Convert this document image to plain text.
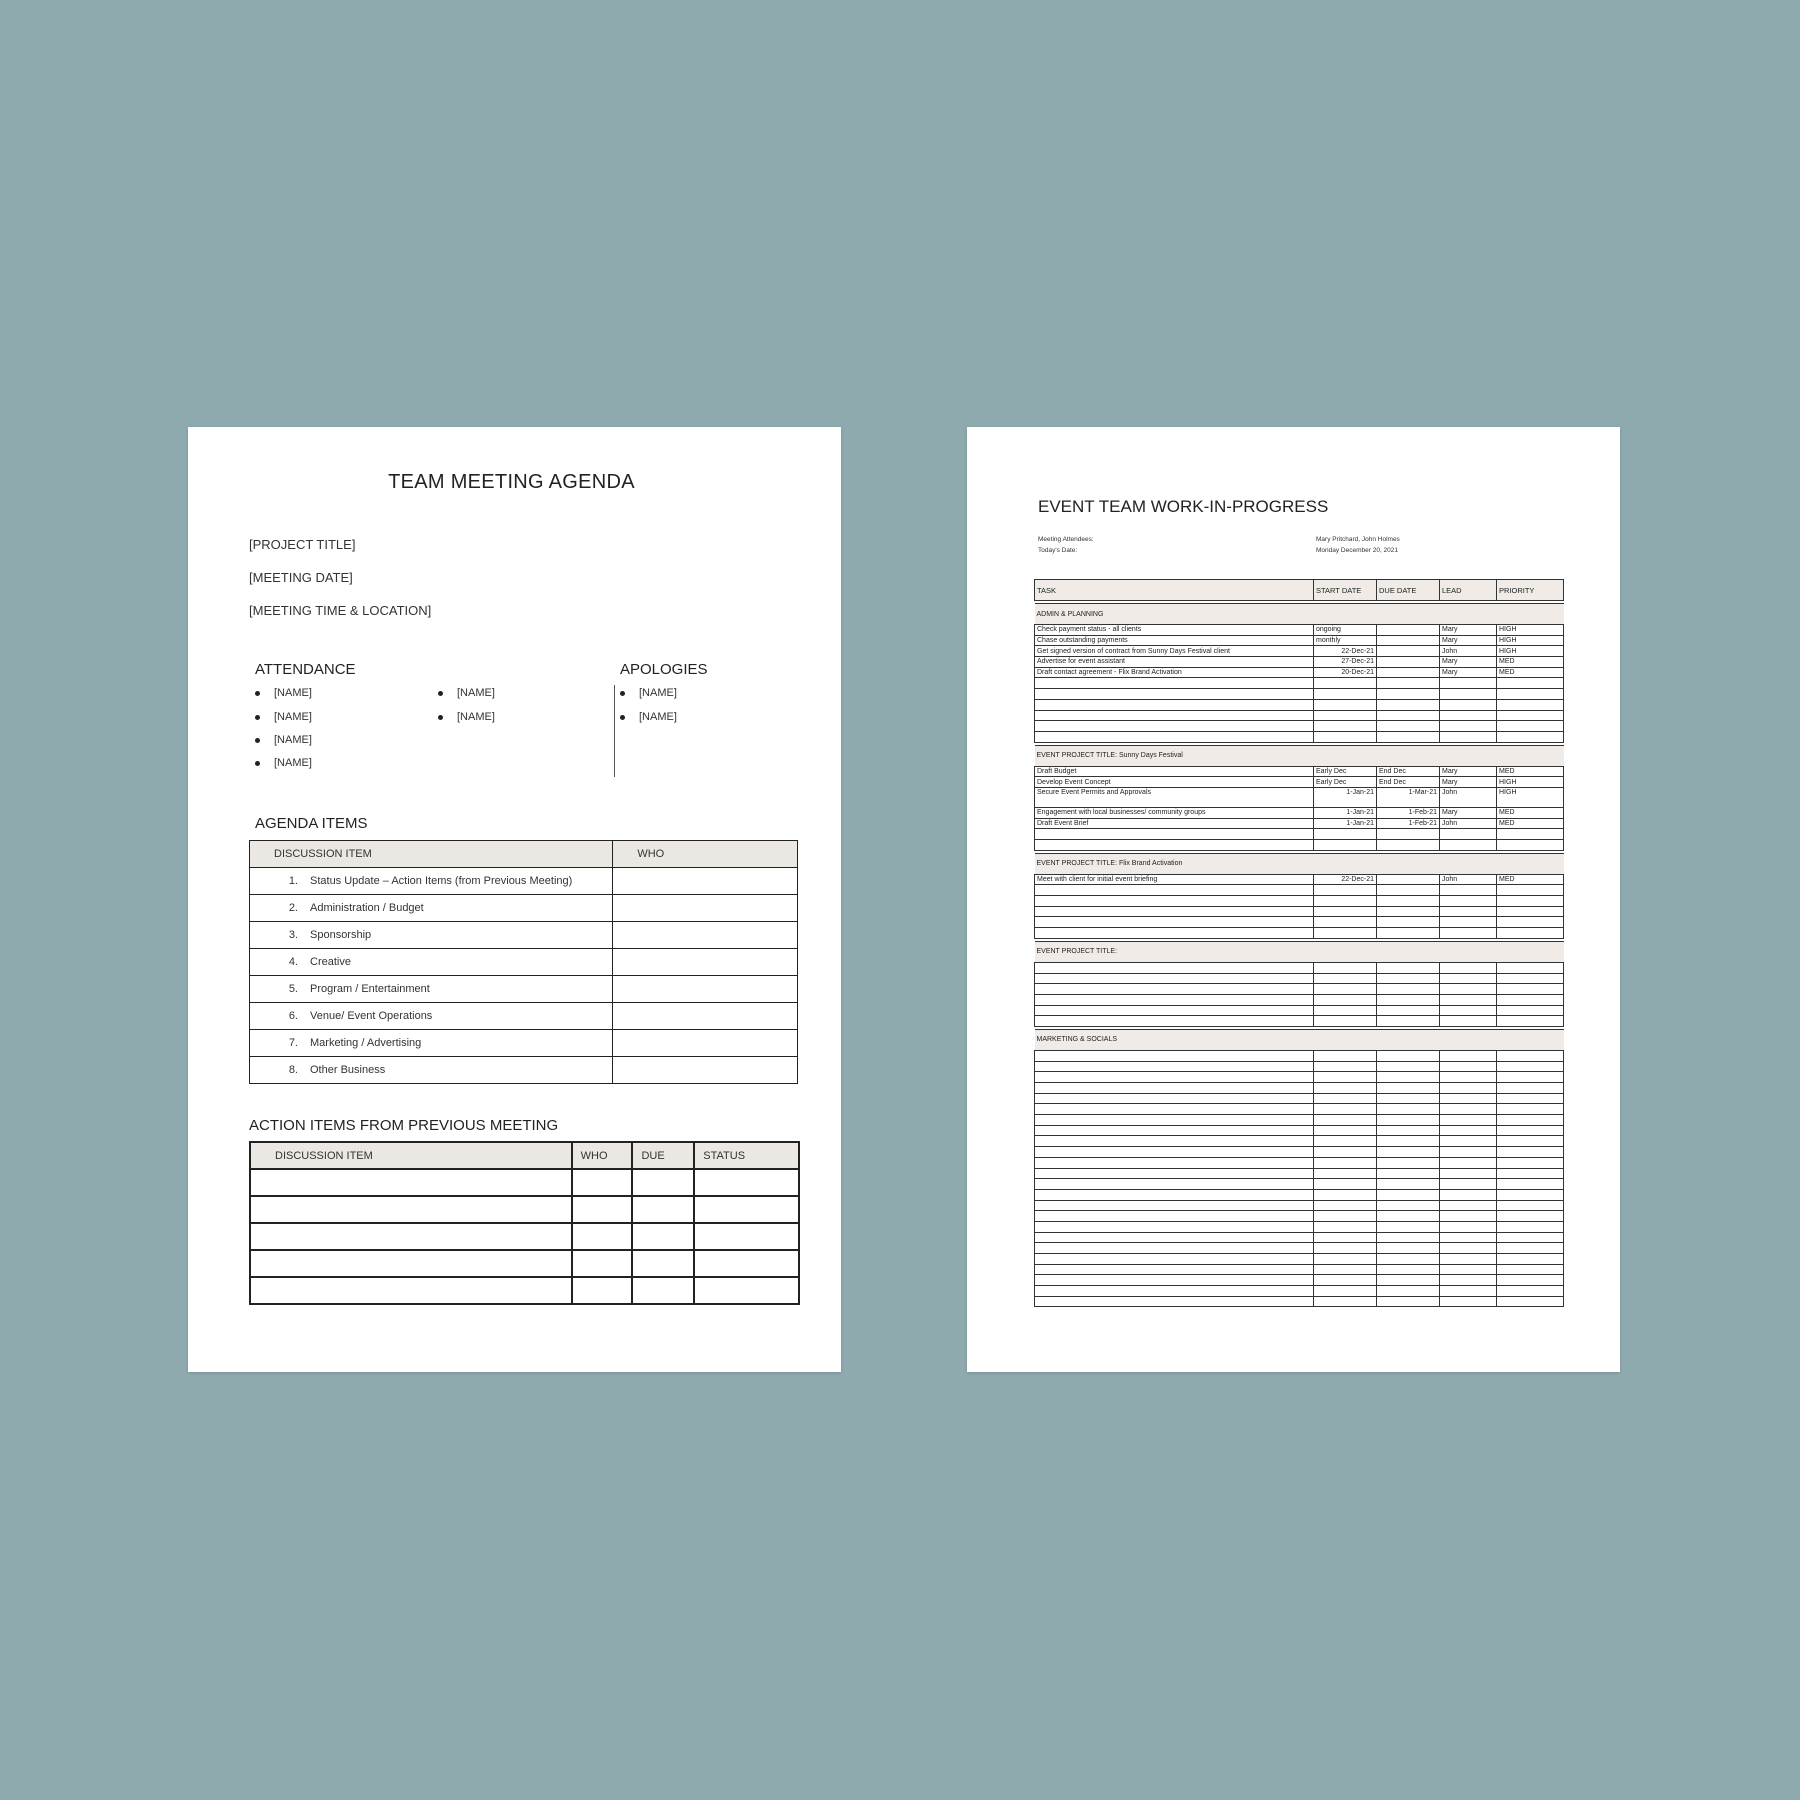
TEAM MEETING AGENDA
[PROJECT TITLE]
[MEETING DATE]
[MEETING TIME & LOCATION]
ATTENDANCE	APOLOGIES
[NAME]
[NAME]
[NAME]
[NAME]
[NAME]
[NAME]
[NAME]
[NAME]
AGENDA ITEMS
DISCUSSION ITEM	WHO
1. Status Update – Action Items (from Previous Meeting)	
2. Administration / Budget	
3. Sponsorship	
4. Creative	
5. Program / Entertainment	
6. Venue/ Event Operations	
7. Marketing / Advertising	
8. Other Business	
ACTION ITEMS FROM PREVIOUS MEETING
DISCUSSION ITEM	WHO	DUE	STATUS

EVENT TEAM WORK-IN-PROGRESS
Meeting Attendees:	Mary Pritchard, John Holmes
Today's Date:	Monday December 20, 2021
TASK	START DATE	DUE DATE	LEAD	PRIORITY

ADMIN & PLANNING				
Check payment status - all clients	ongoing		Mary	HIGH
Chase outstanding payments	monthly		Mary	HIGH
Get signed version of contract from Sunny Days Festival client	22-Dec-21		John	HIGH
Advertise for event assistant	27-Dec-21		Mary	MED
Draft contact agreement - Flix Brand Activation	20-Dec-21		Mary	MED

EVENT PROJECT TITLE: Sunny Days Festival				
Draft Budget	Early Dec	End Dec	Mary	MED
Develop Event Concept	Early Dec	End Dec	Mary	HIGH
Secure Event Permits and Approvals	1-Jan-21	1-Mar-21	John	HIGH
Engagement with local businesses/ community groups	1-Jan-21	1-Feb-21	Mary	MED
Draft Event Brief	1-Jan-21	1-Feb-21	John	MED

EVENT PROJECT TITLE: Flix Brand Activation				
Meet with client for initial event briefing	22-Dec-21		John	MED

EVENT PROJECT TITLE:				

MARKETING & SOCIALS				
